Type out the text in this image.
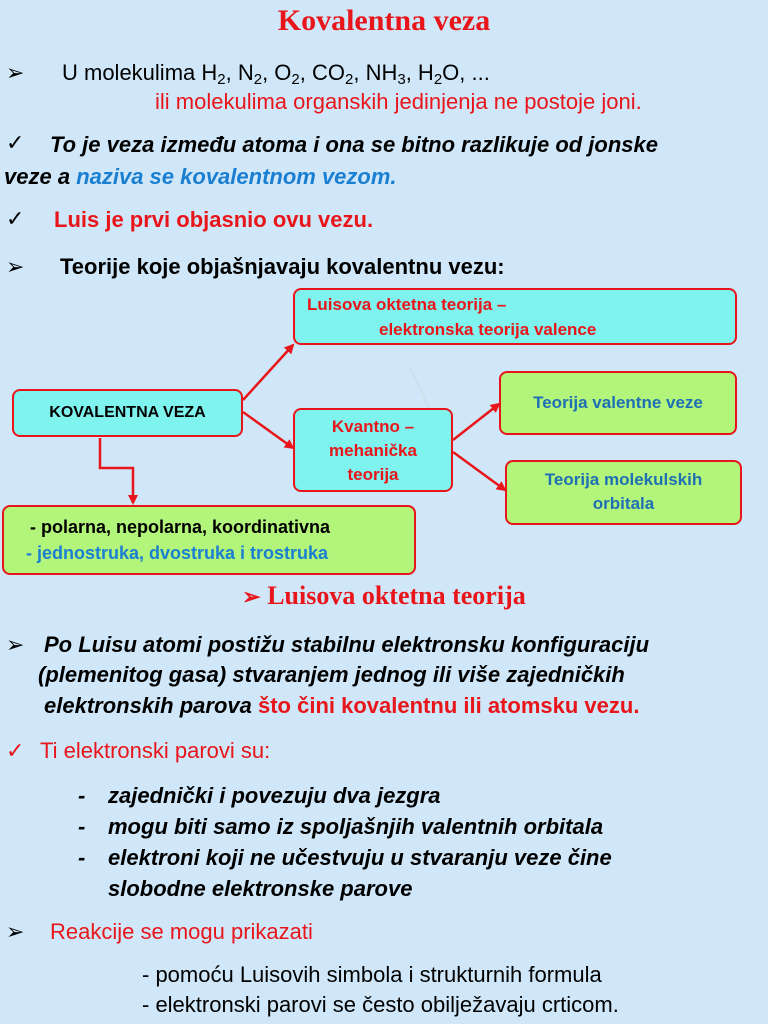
Kovalentna veza
➢ U molekulima $H_2$, $N_2$, $O_2$, $CO_2$, $NH_3$, $H_2O$, ...
ili molekulima organskih jedinjenja ne postoje joni.
✓ To je veza između atoma i ona se bitno razlikuje od jonske
veze a naziva se kovalentnom vezom.
✓ Luis je prvi objasnio ovu vezu.
➢ Teorije koje objašnjavaju kovalentnu vezu:
KOVALENTNA VEZA
Luisova oktetna teorija –
elektronska teorija valence
Kvantno –
mehanička
teorija
Teorija valentne veze
Teorija molekulskih
orbitala
- polarna, nepolarna, koordinativna
- jednostruka, dvostruka i trostruka
➢ Luisova oktetna teorija
➢ Po Luisu atomi postižu stabilnu elektronsku konfiguraciju
(plemenitog gasa) stvaranjem jednog ili više zajedničkih
elektronskih parova što čini kovalentnu ili atomsku vezu.
✓ Ti elektronski parovi su:
- zajednički i povezuju dva jezgra
- mogu biti samo iz spoljašnjih valentnih orbitala
- elektroni koji ne učestvuju u stvaranju veze čine
slobodne elektronske parove
➢ Reakcije se mogu prikazati
- pomoću Luisovih simbola i strukturnih formula
- elektronski parovi se često obilježavaju crticom.
